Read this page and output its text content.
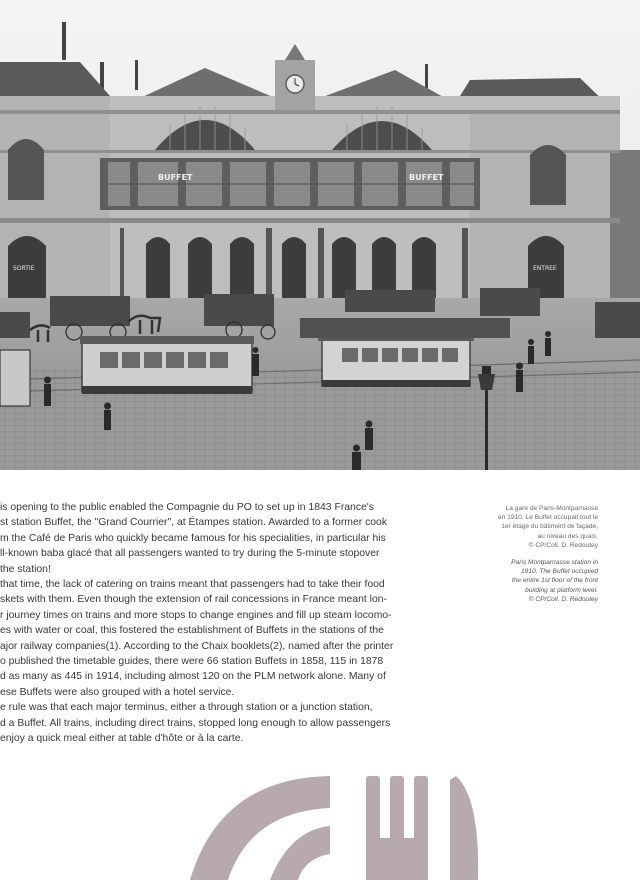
BUFFET	BUFFET
SORTIE	ENTREE

is opening to the public enabled the Compagnie du PO to set up in 1843 France's

st station Buffet, the "Grand Courrier", at Étampes station. Awarded to a former cook

m the Café de Paris who quickly became famous for his specialities, in particular his

ll-known baba glacé that all passengers wanted to try during the 5-minute stopover

the station!

that time, the lack of catering on trains meant that passengers had to take their food

skets with them. Even though the extension of rail concessions in France meant lon-

r journey times on trains and more stops to change engines and fill up steam locomo-

es with water or coal, this fostered the establishment of Buffets in the stations of the

ajor railway companies(1). According to the Chaix booklets(2), named after the printer

o published the timetable guides, there were 66 station Buffets in 1858, 115 in 1878

d as many as 445 in 1914, including almost 120 on the PLM network alone. Many of

ese Buffets were also grouped with a hotel service.

e rule was that each major terminus, either a through station or a junction station,

d a Buffet. All trains, including direct trains, stopped long enough to allow passengers

enjoy a quick meal either at table d'hôte or à la carte.

La gare de Paris-Montparnasse
en 1910. Le Buffet occupait tout le
1er étage du bâtiment de façade,
au niveau des quais.
© CP/Coll. D. Redoutey
Paris Montparnasse station in
1910. The Buffet occupied
the entire 1st floor of the front
building at platform level.
© CP/Coll. D. Redoutey
